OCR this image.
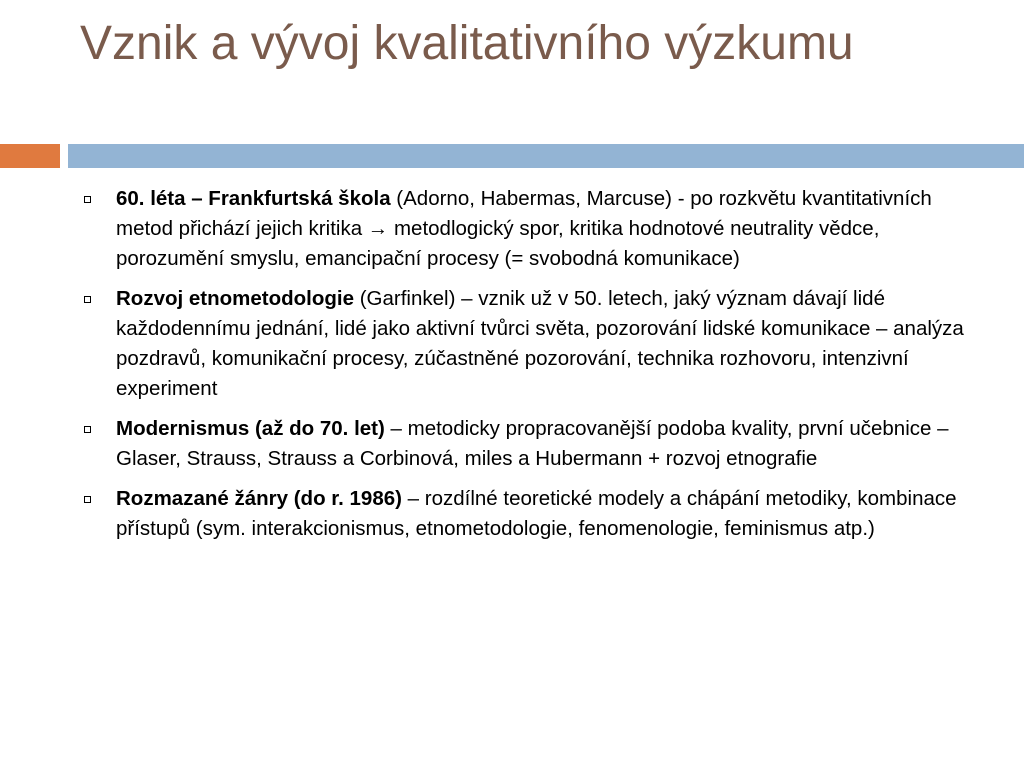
Vznik a vývoj kvalitativního výzkumu
60. léta – Frankfurtská škola (Adorno, Habermas, Marcuse) - po rozkvětu kvantitativních metod přichází jejich kritika → metodlogický spor, kritika hodnotové neutrality vědce, porozumění smyslu, emancipační procesy (= svobodná komunikace)
Rozvoj etnometodologie (Garfinkel) – vznik už v 50. letech, jaký význam dávají lidé každodennímu jednání, lidé jako aktivní tvůrci světa, pozorování lidské komunikace – analýza pozdravů, komunikační procesy, zúčastněné pozorování, technika rozhovoru, intenzivní experiment
Modernismus (až do 70. let) – metodicky propracovanější podoba kvality, první učebnice – Glaser, Strauss, Strauss a Corbinová, miles a Hubermann + rozvoj etnografie
Rozmazané žánry (do r. 1986) – rozdílné teoretické modely a chápání metodiky, kombinace přístupů (sym. interakcionismus, etnometodologie, fenomenologie, feminismus atp.)
